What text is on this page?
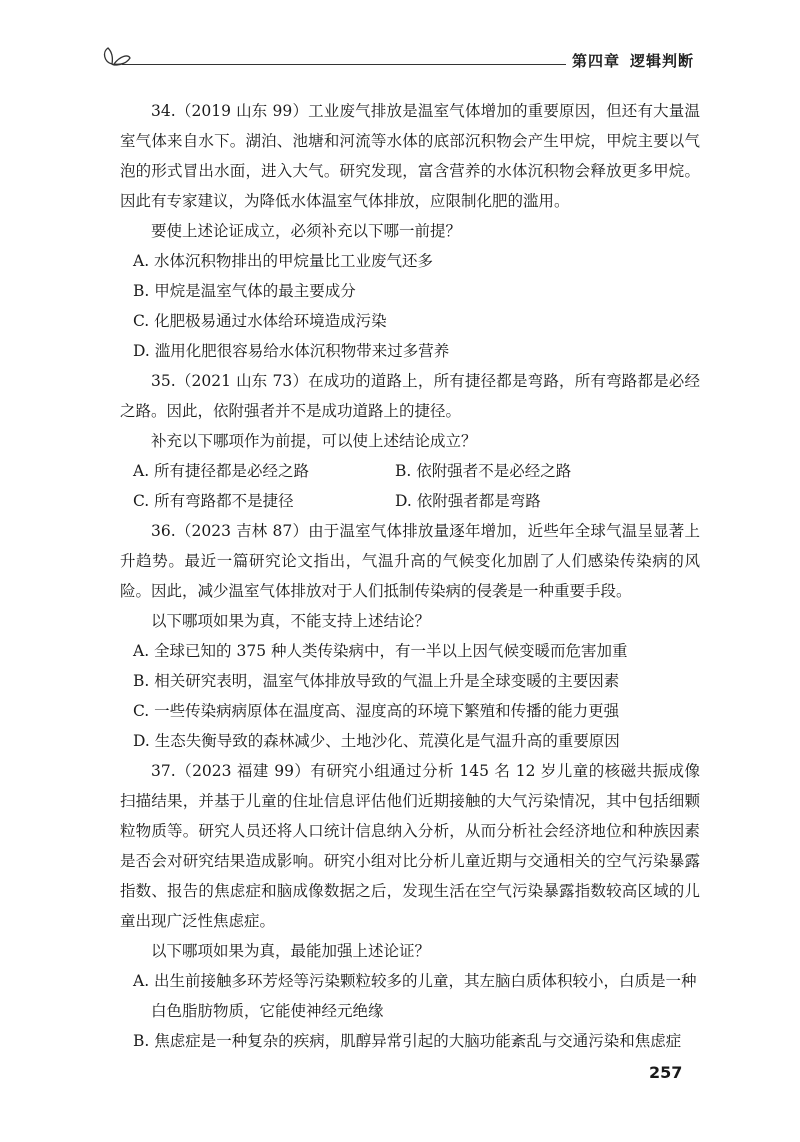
第四章 逻辑判断

34.（2019 山东 99）工业废气排放是温室气体增加的重要原因，但还有大量温室气体来自水下。湖泊、池塘和河流等水体的底部沉积物会产生甲烷，甲烷主要以气泡的形式冒出水面，进入大气。研究发现，富含营养的水体沉积物会释放更多甲烷。因此有专家建议，为降低水体温室气体排放，应限制化肥的滥用。

要使上述论证成立，必须补充以下哪一前提？

A. 水体沉积物排出的甲烷量比工业废气还多

B. 甲烷是温室气体的最主要成分

C. 化肥极易通过水体给环境造成污染

D. 滥用化肥很容易给水体沉积物带来过多营养

35.（2021 山东 73）在成功的道路上，所有捷径都是弯路，所有弯路都是必经之路。因此，依附强者并不是成功道路上的捷径。

补充以下哪项作为前提，可以使上述结论成立？

A. 所有捷径都是必经之路	B. 依附强者不是必经之路
C. 所有弯路都不是捷径	D. 依附强者都是弯路

36.（2023 吉林 87）由于温室气体排放量逐年增加，近些年全球气温呈显著上升趋势。最近一篇研究论文指出，气温升高的气候变化加剧了人们感染传染病的风险。因此，减少温室气体排放对于人们抵制传染病的侵袭是一种重要手段。

以下哪项如果为真，不能支持上述结论？

A. 全球已知的 375 种人类传染病中，有一半以上因气候变暖而危害加重

B. 相关研究表明，温室气体排放导致的气温上升是全球变暖的主要因素

C. 一些传染病病原体在温度高、湿度高的环境下繁殖和传播的能力更强

D. 生态失衡导致的森林减少、土地沙化、荒漠化是气温升高的重要原因

37.（2023 福建 99）有研究小组通过分析 145 名 12 岁儿童的核磁共振成像扫描结果，并基于儿童的住址信息评估他们近期接触的大气污染情况，其中包括细颗粒物质等。研究人员还将人口统计信息纳入分析，从而分析社会经济地位和种族因素是否会对研究结果造成影响。研究小组对比分析儿童近期与交通相关的空气污染暴露指数、报告的焦虑症和脑成像数据之后，发现生活在空气污染暴露指数较高区域的儿童出现广泛性焦虑症。

以下哪项如果为真，最能加强上述论证？

A. 出生前接触多环芳烃等污染颗粒较多的儿童，其左脑白质体积较小，白质是一种白色脂肪物质，它能使神经元绝缘

B. 焦虑症是一种复杂的疾病，肌醇异常引起的大脑功能紊乱与交通污染和焦虑症

257
